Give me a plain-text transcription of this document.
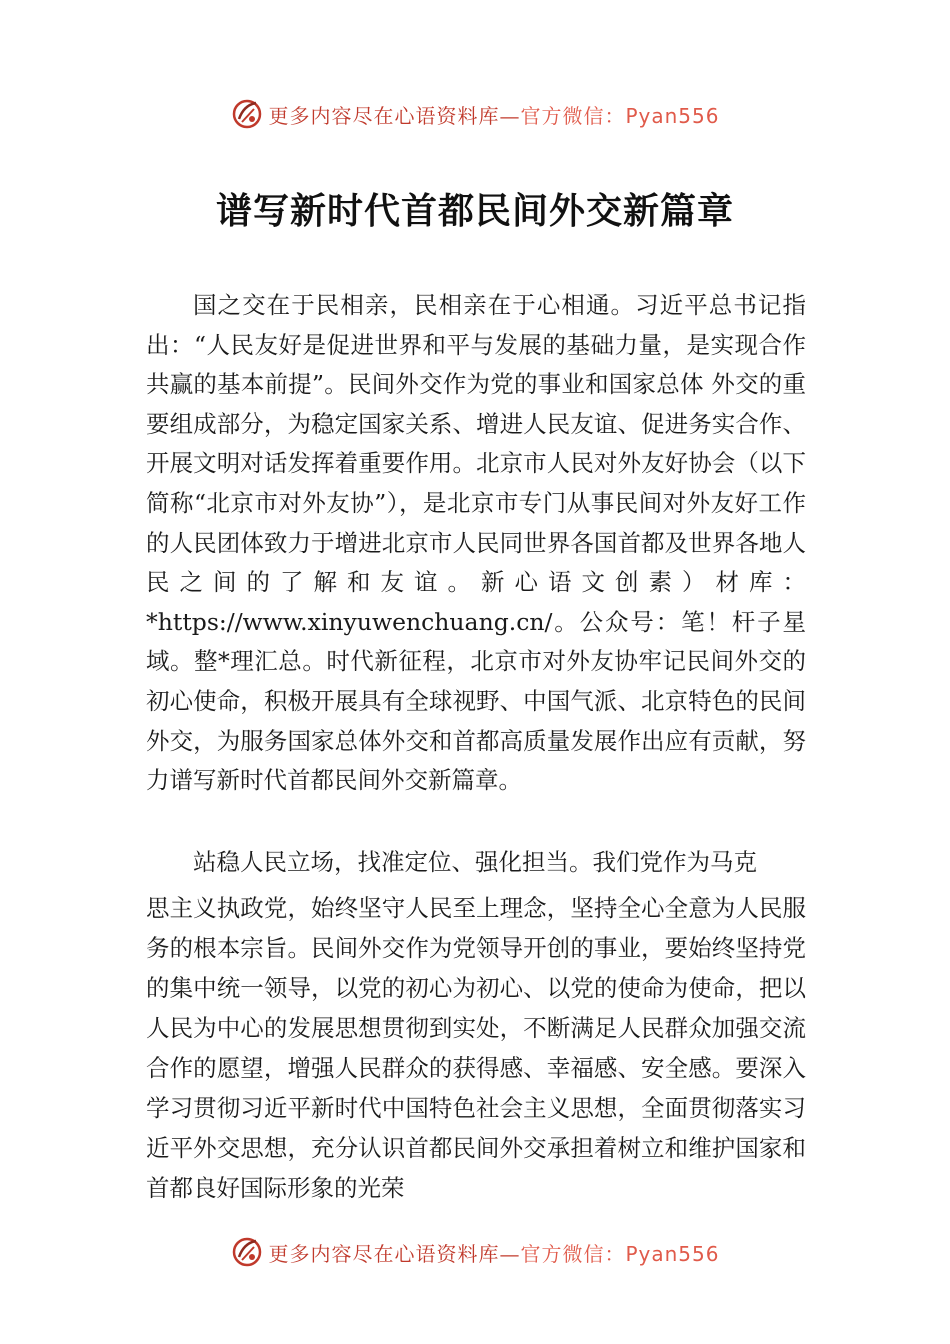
更多内容尽在心语资料库— 官方微信：Pyan556
谱写新时代首都民间外交新篇章

国之交在于民相亲，民相亲在于心相通。习近平总书记指出：“人民友好是促进世界和平与发展的基础力量，是实现合作共赢的基本前提”。民间外交作为党的事业和国家总体 外交的重要组成部分，为稳定国家关系、增进人民友谊、促进务实合作、开展文明对话发挥着重要作用。北京市人民对外友好协会（以下简称“北京市对外友协”），是北京市专门从事民间对外友好工作的人民团体致力于增进北京市人民同世界各国首都及世界各地人民之间的了解和友谊。新心语文创素）材库：*https://www.xinyuwenchuang.cn/。公众号：笔！杆子星域。整*理汇总。时代新征程，北京市对外友协牢记民间外交的初心使命，积极开展具有全球视野、中国气派、北京特色的民间外交，为服务国家总体外交和首都高质量发展作出应有贡献，努力谱写新时代首都民间外交新篇章。

站稳人民立场，找准定位、强化担当。我们党作为马克
思主义执政党，始终坚守人民至上理念，坚持全心全意为人民服务的根本宗旨。民间外交作为党领导开创的事业，要始终坚持党的集中统一领导，以党的初心为初心、以党的使命为使命，把以人民为中心的发展思想贯彻到实处，不断满足人民群众加强交流合作的愿望，增强人民群众的获得感、幸福感、安全感。要深入学习贯彻习近平新时代中国特色社会主义思想，全面贯彻落实习近平外交思想，充分认识首都民间外交承担着树立和维护国家和首都良好国际形象的光荣

更多内容尽在心语资料库— 官方微信：Pyan556
